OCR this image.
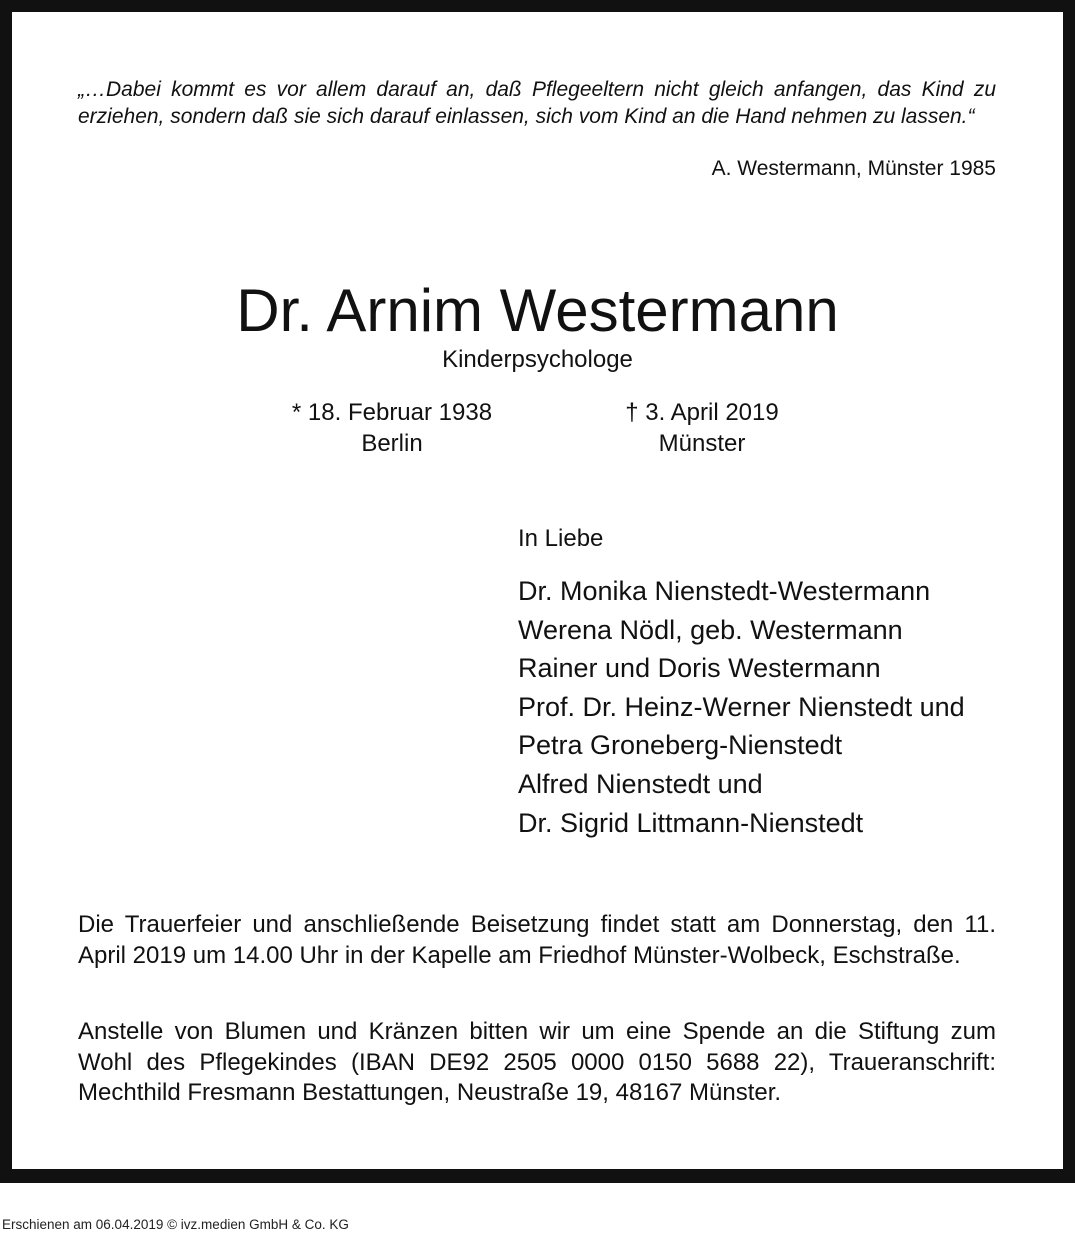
„…Dabei kommt es vor allem darauf an, daß Pflegeeltern nicht gleich anfangen, das Kind zu erziehen, sondern daß sie sich darauf einlassen, sich vom Kind an die Hand nehmen zu lassen.“

A. Westermann, Münster 1985

Dr. Arnim Westermann

Kinderpsychologe

* 18. Februar 1938
Berlin
† 3. April 2019
Münster

In Liebe

Dr. Monika Nienstedt-Westermann
Werena Nödl, geb. Westermann
Rainer und Doris Westermann
Prof. Dr. Heinz-Werner Nienstedt und
Petra Groneberg-Nienstedt
Alfred Nienstedt und
Dr. Sigrid Littmann-Nienstedt

Die Trauerfeier und anschließende Beisetzung findet statt am Donnerstag, den 11. April 2019 um 14.00 Uhr in der Kapelle am Friedhof Münster-Wolbeck, Eschstraße.

Anstelle von Blumen und Kränzen bitten wir um eine Spende an die Stiftung zum Wohl des Pflegekindes (IBAN DE92 2505 0000 0150 5688 22), Traueranschrift: Mechthild Fresmann Bestattungen, Neustraße 19, 48167 Münster.

Erschienen am 06.04.2019 © ivz.medien GmbH & Co. KG
